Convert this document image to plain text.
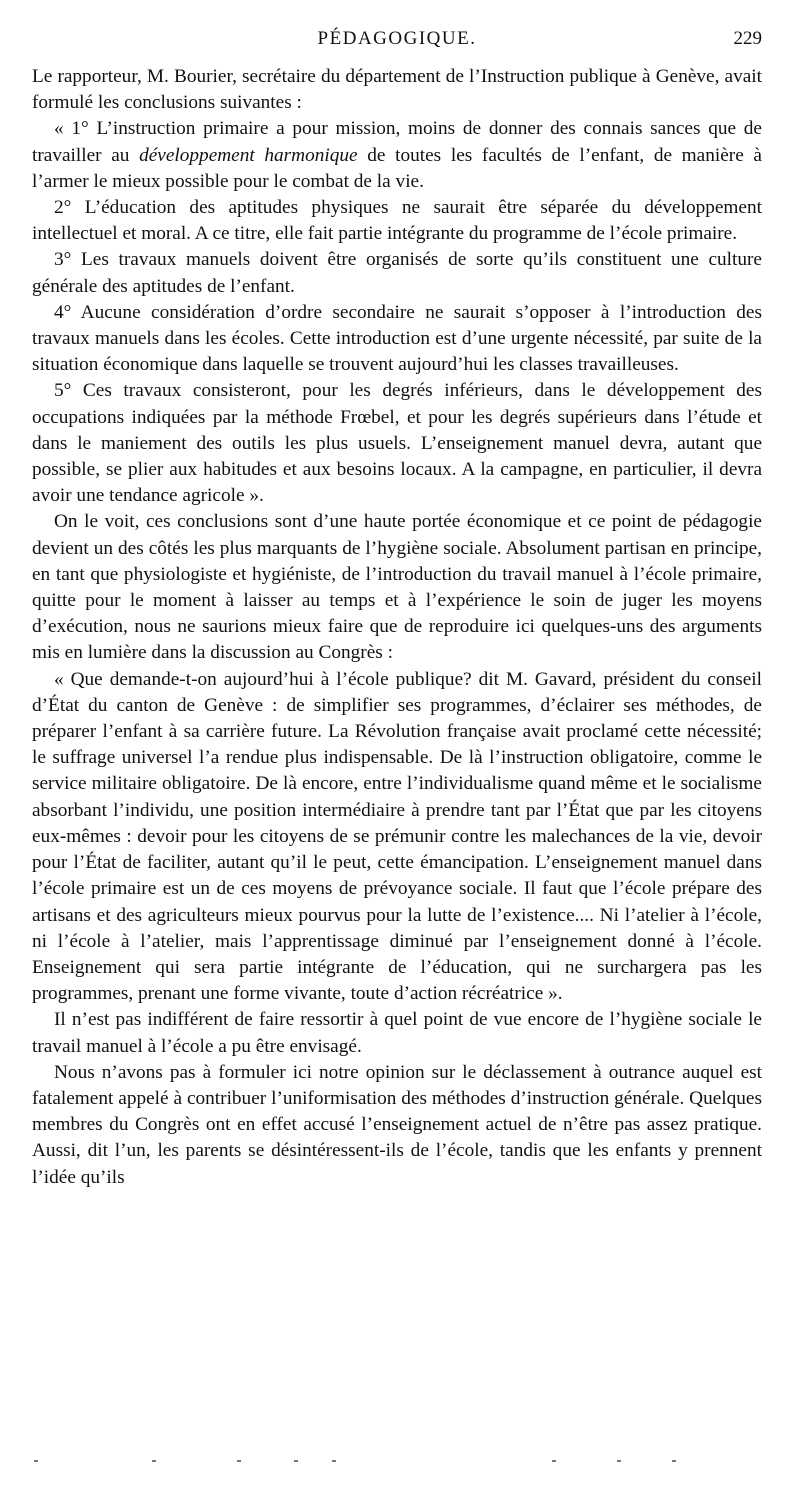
PÉDAGOGIQUE.	229

Le rapporteur, M. Bourier, secrétaire du département de l’Instruction publique à Genève, avait formulé les conclusions suivantes :

« 1° L’instruction primaire a pour mission, moins de donner des connais sances que de travailler au développement harmonique de toutes les facultés de l’enfant, de manière à l’armer le mieux possible pour le combat de la vie.

2° L’éducation des aptitudes physiques ne saurait être séparée du développement intellectuel et moral. A ce titre, elle fait partie intégrante du programme de l’école primaire.

3° Les travaux manuels doivent être organisés de sorte qu’ils constituent une culture générale des aptitudes de l’enfant.

4° Aucune considération d’ordre secondaire ne saurait s’opposer à l’introduction des travaux manuels dans les écoles. Cette introduction est d’une urgente nécessité, par suite de la situation économique dans laquelle se trouvent aujourd’hui les classes travailleuses.

5° Ces travaux consisteront, pour les degrés inférieurs, dans le développement des occupations indiquées par la méthode Frœbel, et pour les degrés supérieurs dans l’étude et dans le maniement des outils les plus usuels. L’enseignement manuel devra, autant que possible, se plier aux habitudes et aux besoins locaux. A la campagne, en particulier, il devra avoir une tendance agricole ».

On le voit, ces conclusions sont d’une haute portée économique et ce point de pédagogie devient un des côtés les plus marquants de l’hygiène sociale. Absolument partisan en principe, en tant que physiologiste et hygiéniste, de l’introduction du travail manuel à l’école primaire, quitte pour le moment à laisser au temps et à l’expérience le soin de juger les moyens d’exécution, nous ne saurions mieux faire que de reproduire ici quelques-uns des arguments mis en lumière dans la discussion au Congrès :

« Que demande-t-on aujourd’hui à l’école publique? dit M. Gavard, président du conseil d’État du canton de Genève : de simplifier ses programmes, d’éclairer ses méthodes, de préparer l’enfant à sa carrière future. La Révolution française avait proclamé cette nécessité; le suffrage universel l’a rendue plus indispensable. De là l’instruction obligatoire, comme le service militaire obligatoire. De là encore, entre l’individualisme quand même et le socialisme absorbant l’individu, une position intermédiaire à prendre tant par l’État que par les citoyens eux-mêmes : devoir pour les citoyens de se prémunir contre les malechances de la vie, devoir pour l’État de faciliter, autant qu’il le peut, cette émancipation. L’enseignement manuel dans l’école primaire est un de ces moyens de prévoyance sociale. Il faut que l’école prépare des artisans et des agriculteurs mieux pourvus pour la lutte de l’existence.... Ni l’atelier à l’école, ni l’école à l’atelier, mais l’apprentissage diminué par l’enseignement donné à l’école. Enseignement qui sera partie intégrante de l’éducation, qui ne surchargera pas les programmes, prenant une forme vivante, toute d’action récréatrice ».

Il n’est pas indifférent de faire ressortir à quel point de vue encore de l’hygiène sociale le travail manuel à l’école a pu être envisagé.

Nous n’avons pas à formuler ici notre opinion sur le déclassement à outrance auquel est fatalement appelé à contribuer l’uniformisation des méthodes d’instruction générale. Quelques membres du Congrès ont en effet accusé l’enseignement actuel de n’être pas assez pratique. Aussi, dit l’un, les parents se désintéressent-ils de l’école, tandis que les enfants y prennent l’idée qu’ils
